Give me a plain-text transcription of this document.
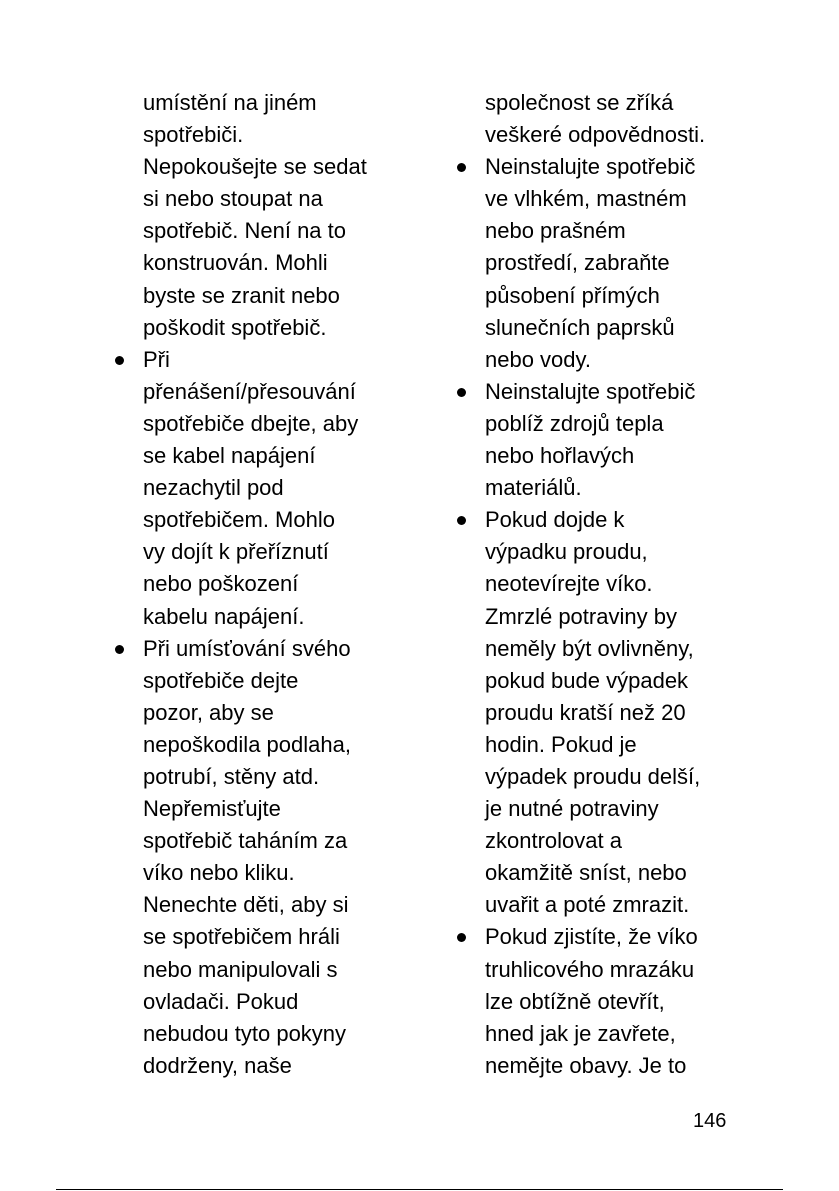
umístění na jiném
spotřebiči.
Nepokoušejte se sedat
si nebo stoupat na
spotřebič. Není na to
konstruován. Mohli
byste se zranit nebo
poškodit spotřebič.
Při
přenášení/přesouvání
spotřebiče dbejte, aby
se kabel napájení
nezachytil pod
spotřebičem. Mohlo
vy dojít k přeříznutí
nebo poškození
kabelu napájení.
Při umísťování svého
spotřebiče dejte
pozor, aby se
nepoškodila podlaha,
potrubí, stěny atd.
Nepřemisťujte
spotřebič taháním za
víko nebo kliku.
Nenechte děti, aby si
se spotřebičem hráli
nebo manipulovali s
ovladači. Pokud
nebudou tyto pokyny
dodrženy, naše
společnost se zříká
veškeré odpovědnosti.
Neinstalujte spotřebič
ve vlhkém, mastném
nebo prašném
prostředí, zabraňte
působení přímých
slunečních paprsků
nebo vody.
Neinstalujte spotřebič
poblíž zdrojů tepla
nebo hořlavých
materiálů.
Pokud dojde k
výpadku proudu,
neotevírejte víko.
Zmrzlé potraviny by
neměly být ovlivněny,
pokud bude výpadek
proudu kratší než 20
hodin. Pokud je
výpadek proudu delší,
je nutné potraviny
zkontrolovat a
okamžitě sníst, nebo
uvařit a poté zmrazit.
Pokud zjistíte, že víko
truhlicového mrazáku
lze obtížně otevřít,
hned jak je zavřete,
nemějte obavy. Je to
146
